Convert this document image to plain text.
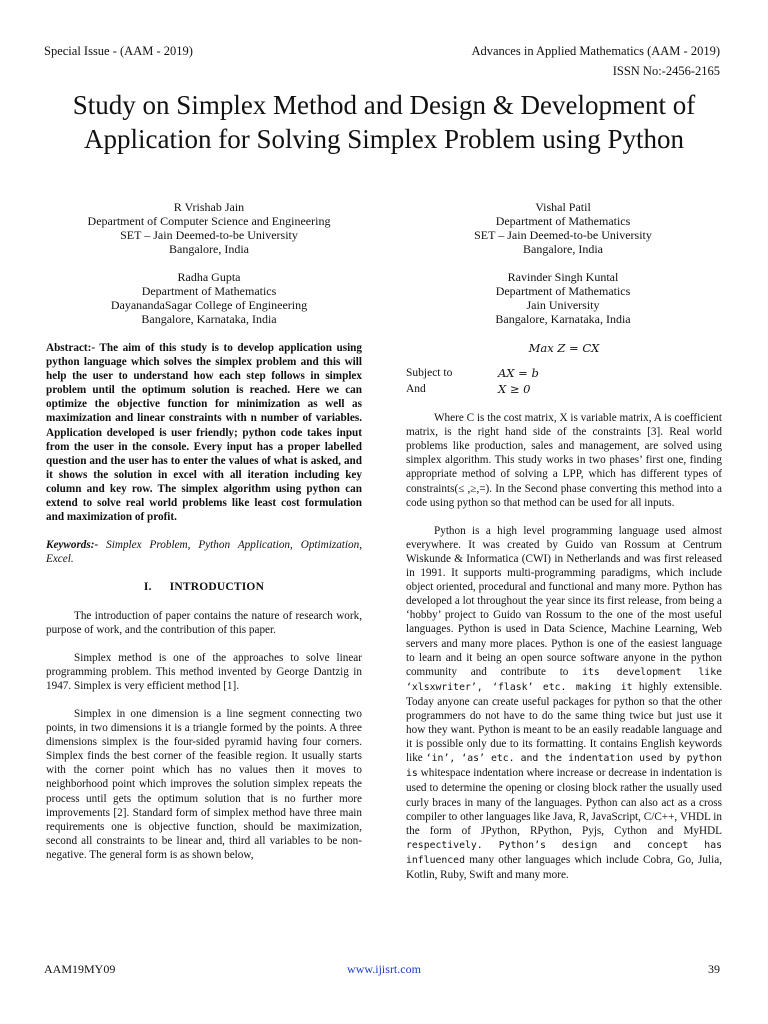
Special Issue - (AAM - 2019)	Advances in Applied Mathematics (AAM - 2019)
ISSN No:-2456-2165
Study on Simplex Method and Design & Development of Application for Solving Simplex Problem using Python
R Vrishab Jain
Department of Computer Science and Engineering
SET – Jain Deemed-to-be University
Bangalore, India
Vishal Patil
Department of Mathematics
SET – Jain Deemed-to-be University
Bangalore, India
Radha Gupta
Department of Mathematics
DayanandaSagar College of Engineering
Bangalore, Karnataka, India
Ravinder Singh Kuntal
Department of Mathematics
Jain University
Bangalore, Karnataka, India

Abstract:- The aim of this study is to develop application using python language which solves the simplex problem and this will help the user to understand how each step follows in simplex problem until the optimum solution is reached. Here we can optimize the objective function for minimization as well as maximization and linear constraints with n number of variables. Application developed is user friendly; python code takes input from the user in the console. Every input has a proper labelled question and the user has to enter the values of what is asked, and it shows the solution in excel with all iteration including key column and key row. The simplex algorithm using python can extend to solve real world problems like least cost formulation and maximization of profit.

Keywords:- Simplex Problem, Python Application, Optimization, Excel.

I. INTRODUCTION

The introduction of paper contains the nature of research work, purpose of work, and the contribution of this paper.

Simplex method is one of the approaches to solve linear programming problem. This method invented by George Dantzig in 1947. Simplex is very efficient method [1].

Simplex in one dimension is a line segment connecting two points, in two dimensions it is a triangle formed by the points. A three dimensions simplex is the four-sided pyramid having four corners. Simplex finds the best corner of the feasible region. It usually starts with the corner point which has no values then it moves to neighborhood point which improves the solution simplex repeats the process until gets the optimum solution that is no further more improvements [2]. Standard form of simplex method have three main requirements one is objective function, should be maximization, second all constraints to be linear and, third all variables to be non-negative. The general form is as shown below,

Max Z = CX
Subject to	AX = b
And	X ≥ 0

Where C is the cost matrix, X is variable matrix, A is coefficient matrix, is the right hand side of the constraints [3]. Real world problems like production, sales and management, are solved using simplex algorithm. This study works in two phases’ first one, finding appropriate method of solving a LPP, which has different types of constraints(≤ ,≥,=). In the Second phase converting this method into a code using python so that method can be used for all inputs.

Python is a high level programming language used almost everywhere. It was created by Guido van Rossum at Centrum Wiskunde & Informatica (CWI) in Netherlands and was first released in 1991. It supports multi-programming paradigms, which include object oriented, procedural and functional and many more. Python has developed a lot throughout the year since its first release, from being a ‘hobby’ project to Guido van Rossum to the one of the most useful languages. Python is used in Data Science, Machine Learning, Web servers and many more places. Python is one of the easiest language to learn and it being an open source software anyone in the python community and contribute to its development like ‘xlsxwriter’, ‘flask’ etc. making it highly extensible. Today anyone can create useful packages for python so that the other programmers do not have to do the same thing twice but just use it how they want. Python is meant to be an easily readable language and it is possible only due to its formatting. It contains English keywords like ‘in’, ‘as’ etc. and the indentation used by python is whitespace indentation where increase or decrease in indentation is used to determine the opening or closing block rather the usually used curly braces in many of the languages. Python can also act as a cross compiler to other languages like Java, R, JavaScript, C/C++, VHDL in the form of JPython, RPython, Pyjs, Cython and MyHDL respectively. Python’s design and concept has influenced many other languages which include Cobra, Go, Julia, Kotlin, Ruby, Swift and many more.

AAM19MY09	www.ijisrt.com	39
